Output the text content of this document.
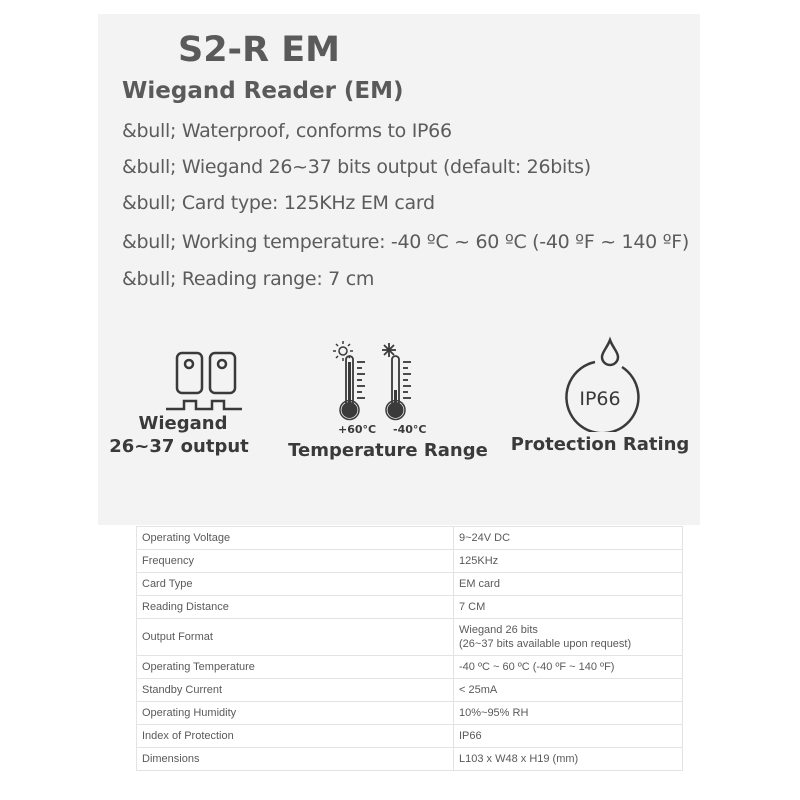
S2-R EM
Wiegand Reader (EM)
&bull; Waterproof, conforms to IP66
&bull; Wiegand 26~37 bits output (default: 26bits)
&bull; Card type: 125KHz EM card
&bull; Working temperature: -40 ºC ~ 60 ºC (-40 ºF ~ 140 ºF)
&bull; Reading range: 7 cm
Wiegand
26~37 output
+60°C -40°C
Temperature Range
IP66
Protection Rating
Operating Voltage	9~24V DC
Frequency	125KHz
Card Type	EM card
Reading Distance	7 CM
Output Format	Wiegand 26 bits
(26~37 bits available upon request)

Operating Temperature	-40 ºC ~ 60 ºC (-40 ºF ~ 140 ºF)
Standby Current	< 25mA
Operating Humidity	10%~95% RH
Index of Protection	IP66
Dimensions	L103 x W48 x H19 (mm)
